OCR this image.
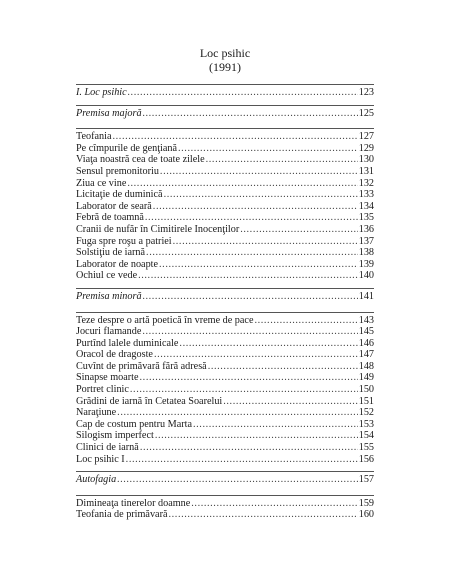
Loc psihic
(1991)
I. Loc psihic .....	123
Premisa majoră .....	125
Teofania .....	127
Pe cîmpurile de genţiană .....	129
Viaţa noastră cea de toate zilele .....	130
Sensul premonitoriu .....	131
Ziua ce vine .....	132
Licitaţie de duminică .....	133
Laborator de seară .....	134
Febră de toamnă .....	135
Cranii de nufăr în Cimitirele Inocenţilor .....	136
Fuga spre roşu a patriei .....	137
Solstiţiu de iarnă .....	138
Laborator de noapte .....	139
Ochiul ce vede .....	140
Premisa minoră .....	141
Teze despre o artă poetică în vreme de pace .....	143
Jocuri flamande .....	145
Purtînd lalele duminicale .....	146
Oracol de dragoste .....	147
Cuvînt de primăvară fără adresă .....	148
Sinapse moarte .....	149
Portret clinic .....	150
Grădini de iarnă în Cetatea Soarelui .....	151
Naraţiune .....	152
Cap de costum pentru Marta .....	153
Silogism imperfect .....	154
Clinici de iarnă .....	155
Loc psihic I .....	156
Autofagia .....	157
Dimineaţa tinerelor doamne .....	159
Teofania de primăvară .....	160
